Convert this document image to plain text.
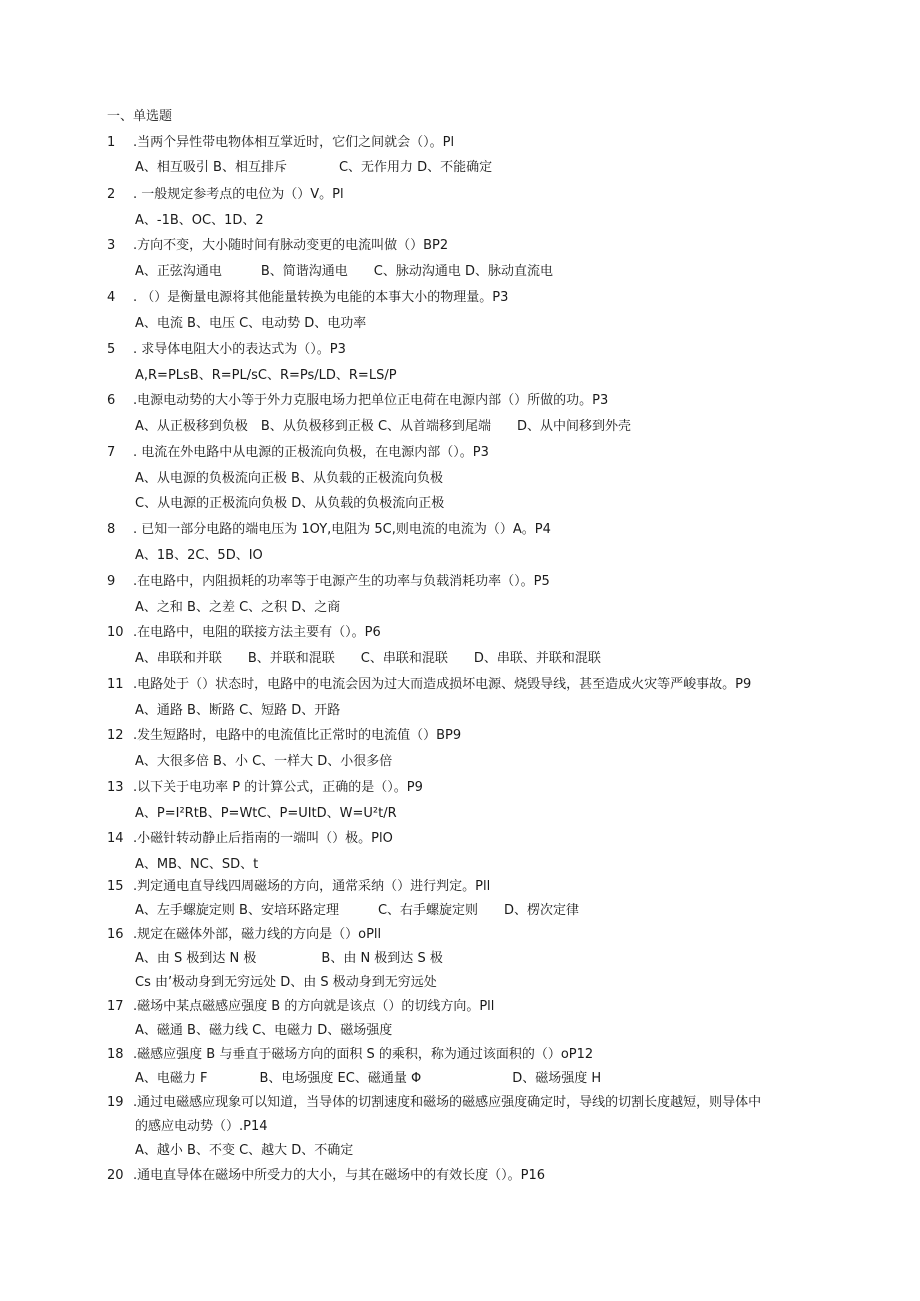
一、单选题
1 .当两个异性带电物体相互掌近时，它们之间就会（）。Pl
A、相互吸引 B、相互排斥　　　　C、无作用力 D、不能确定
2 . 一般规定参考点的电位为（）V。Pl
A、-1B、OC、1D、2
3 .方向不变，大小随时间有脉动变更的电流叫做（）BP2
A、正弦沟通电　　　B、简谐沟通电　　C、脉动沟通电 D、脉动直流电
4 . （）是衡量电源将其他能量转换为电能的本事大小的物理量。P3
A、电流 B、电压 C、电动势 D、电功率
5 . 求导体电阻大小的表达式为（）。P3
A,R=PLsB、R=PL/sC、R=Ps/LD、R=LS/P
6 .电源电动势的大小等于外力克服电场力把单位正电荷在电源内部（）所做的功。P3
A、从正极移到负极　B、从负极移到正极 C、从首端移到尾端　　D、从中间移到外壳
7 . 电流在外电路中从电源的正极流向负极，在电源内部（）。P3
A、从电源的负极流向正极 B、从负载的正极流向负极
C、从电源的正极流向负极 D、从负载的负极流向正极
8 . 已知一部分电路的端电压为 1OY,电阻为 5C,则电流的电流为（）A。P4
A、1B、2C、5D、IO
9 .在电路中，内阻损耗的功率等于电源产生的功率与负载消耗功率（）。P5
A、之和 B、之差 C、之积 D、之商
10 .在电路中，电阻的联接方法主要有（）。P6
A、串联和并联　　B、并联和混联　　C、串联和混联　　D、串联、并联和混联
11 .电路处于（）状态时，电路中的电流会因为过大而造成损坏电源、烧毁导线，甚至造成火灾等严峻事故。P9
A、通路 B、断路 C、短路 D、开路
12 .发生短路时，电路中的电流值比正常时的电流值（）BP9
A、大很多倍 B、小 C、一样大 D、小很多倍
13 .以下关于电功率 P 的计算公式，正确的是（）。P9
A、P=I²RtB、P=WtC、P=UItD、W=U²t/R
14 .小磁针转动静止后指南的一端叫（）极。PlO
A、MB、NC、SD、t
15 .判定通电直导线四周磁场的方向，通常采纳（）进行判定。Pll
A、左手螺旋定则 B、安培环路定理　　　C、右手螺旋定则　　D、楞次定律
16 .规定在磁体外部，磁力线的方向是（）oPll
A、由 S 极到达 N 极　　　　　B、由 N 极到达 S 极
Cs 由’极动身到无穷远处 D、由 S 极动身到无穷远处
17 .磁场中某点磁感应强度 B 的方向就是该点（）的切线方向。Pll
A、磁通 B、磁力线 C、电磁力 D、磁场强度
18 .磁感应强度 B 与垂直于磁场方向的面积 S 的乘积，称为通过该面积的（）oP12
A、电磁力 F　　　　B、电场强度 EC、磁通量 Φ　　　　　　　D、磁场强度 H
19 .通过电磁感应现象可以知道，当导体的切割速度和磁场的磁感应强度确定时，导线的切割长度越短，则导体中
的感应电动势（）.P14
A、越小 B、不变 C、越大 D、不确定
20 .通电直导体在磁场中所受力的大小，与其在磁场中的有效长度（）。P16
